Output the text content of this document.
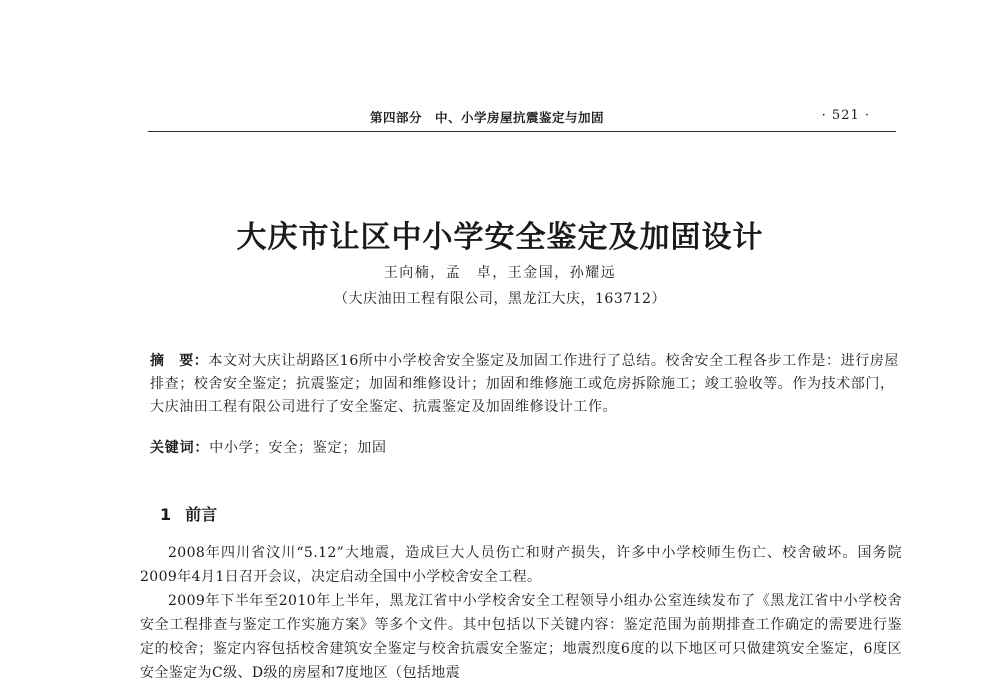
第四部分　中、小学房屋抗震鉴定与加固	· 521 ·
大庆市让区中小学安全鉴定及加固设计
王向楠，孟　卓，王金国，孙耀远
（大庆油田工程有限公司，黑龙江大庆，163712）
摘　要：本文对大庆让胡路区16所中小学校舍安全鉴定及加固工作进行了总结。校舍安全工程各步工作是：进行房屋排查；校舍安全鉴定；抗震鉴定；加固和维修设计；加固和维修施工或危房拆除施工；竣工验收等。作为技术部门，大庆油田工程有限公司进行了安全鉴定、抗震鉴定及加固维修设计工作。
关键词：中小学；安全；鉴定；加固
1 前言

2008年四川省汶川“5.12”大地震，造成巨大人员伤亡和财产损失，许多中小学校师生伤亡、校舍破坏。国务院2009年4月1日召开会议，决定启动全国中小学校舍安全工程。

2009年下半年至2010年上半年，黑龙江省中小学校舍安全工程领导小组办公室连续发布了《黑龙江省中小学校舍安全工程排查与鉴定工作实施方案》等多个文件。其中包括以下关键内容：鉴定范围为前期排查工作确定的需要进行鉴定的校舍；鉴定内容包括校舍建筑安全鉴定与校舍抗震安全鉴定；地震烈度6度的以下地区可只做建筑安全鉴定，6度区安全鉴定为C级、D级的房屋和7度地区（包括地震
